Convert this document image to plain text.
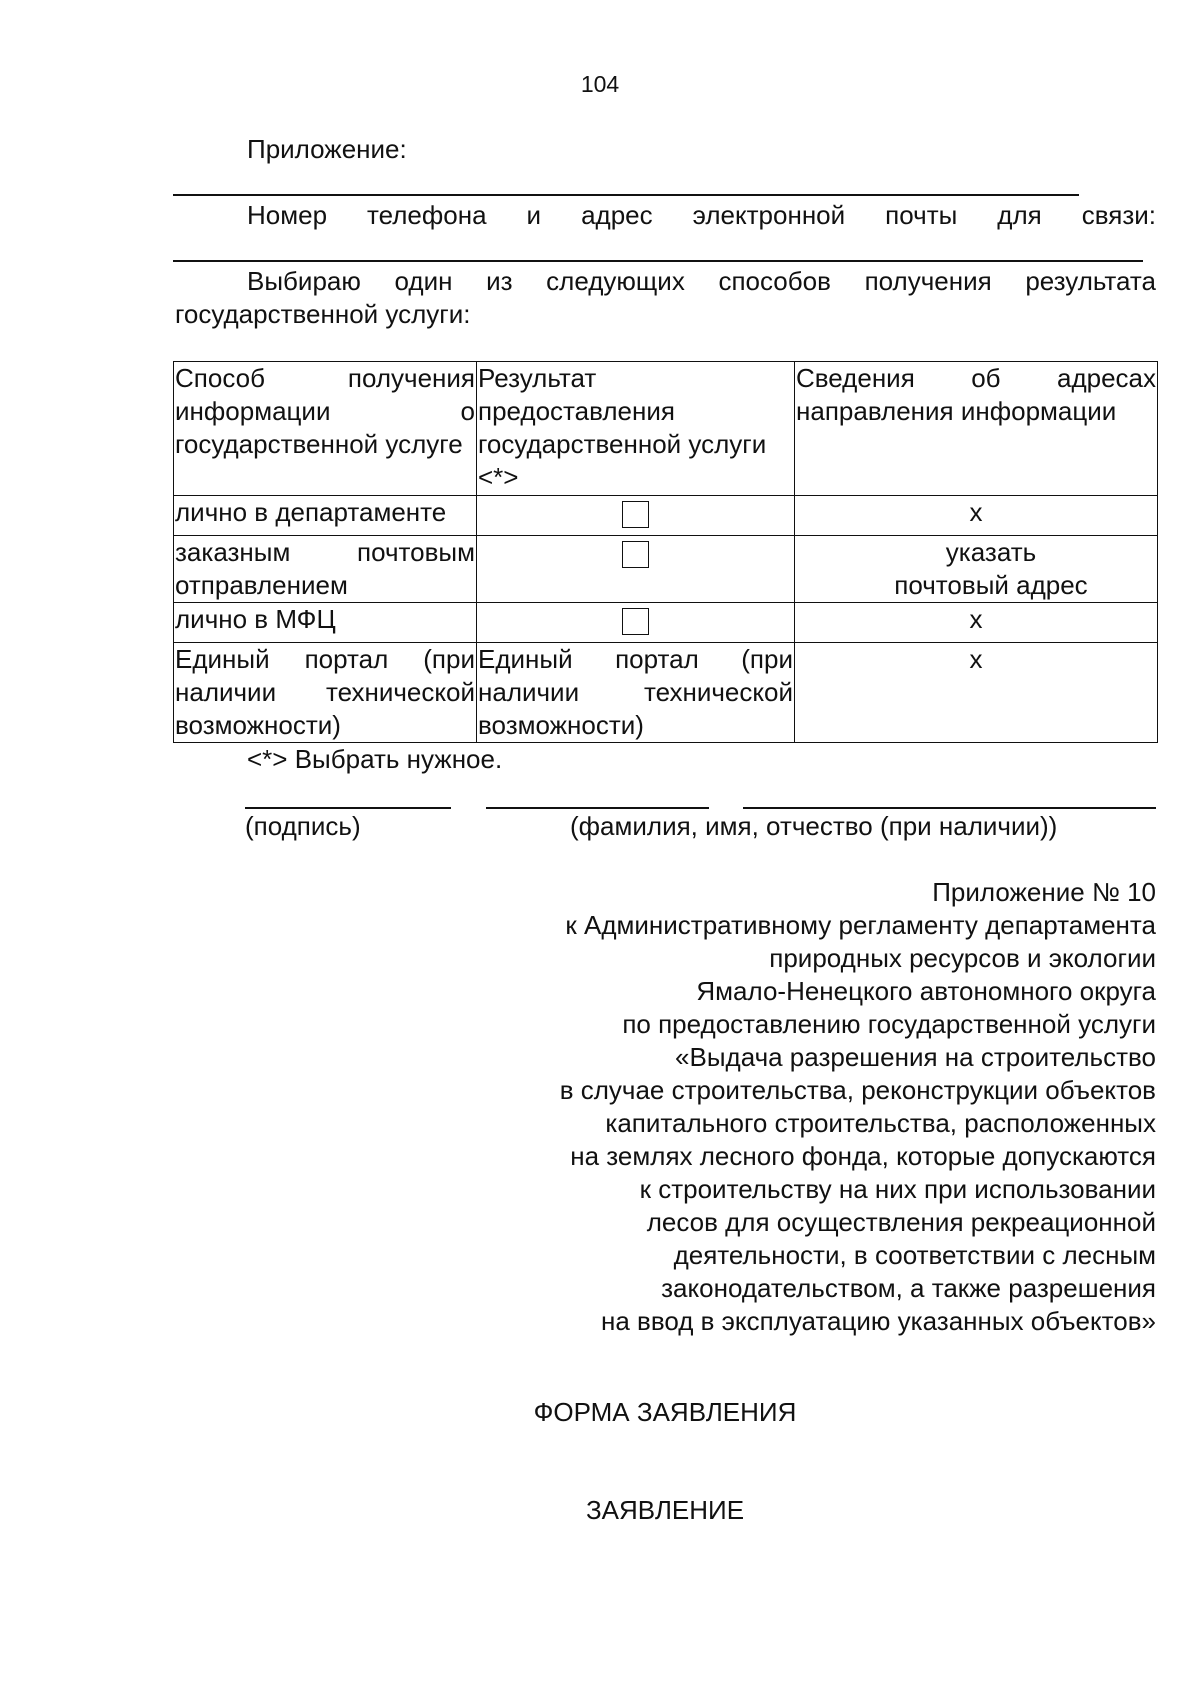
104
Приложение:
Номер телефона и адрес электронной почты для связи:
Выбираю один из следующих способов получения результата государственной услуги:
Способ получения информации о государственной услуге	Результат предоставления государственной услуги <*>	Сведения об адресах направления информации
лично в департаменте		х
заказным почтовым отправлением		указать почтовый адрес
лично в МФЦ		х
Единый портал (при наличии технической возможности)	Единый портал (при наличии технической возможности)	х
<*> Выбрать нужное.
(подпись)	(фамилия, имя, отчество (при наличии))
Приложение № 10
к Административному регламенту департамента
природных ресурсов и экологии
Ямало-Ненецкого автономного округа
по предоставлению государственной услуги
«Выдача разрешения на строительство
в случае строительства, реконструкции объектов
капитального строительства, расположенных
на землях лесного фонда, которые допускаются
к строительству на них при использовании
лесов для осуществления рекреационной
деятельности, в соответствии с лесным
законодательством, а также разрешения
на ввод в эксплуатацию указанных объектов»
ФОРМА ЗАЯВЛЕНИЯ
ЗАЯВЛЕНИЕ
